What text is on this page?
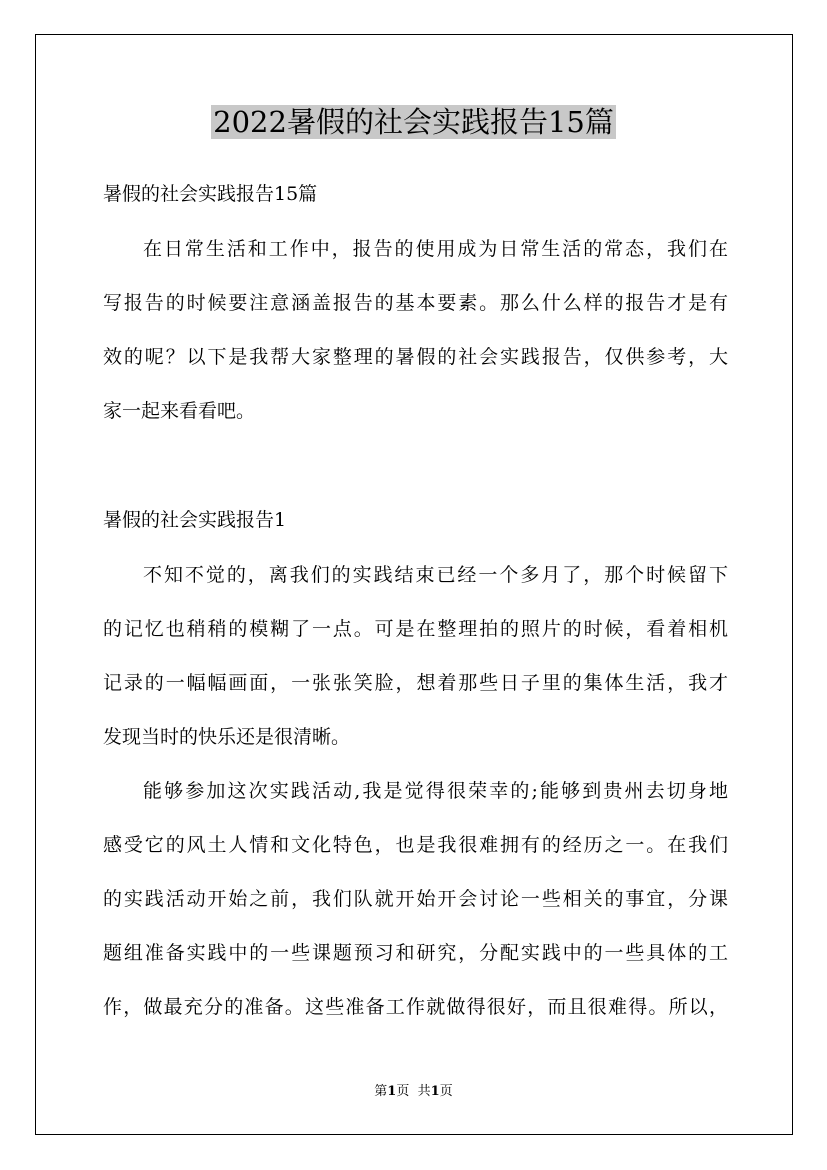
2022暑假的社会实践报告15篇

暑假的社会实践报告15篇

在日常生活和工作中，报告的使用成为日常生活的常态，我们在

写报告的时候要注意涵盖报告的基本要素。那么什么样的报告才是有

效的呢？以下是我帮大家整理的暑假的社会实践报告，仅供参考，大

家一起来看看吧。

暑假的社会实践报告1

不知不觉的，离我们的实践结束已经一个多月了，那个时候留下

的记忆也稍稍的模糊了一点。可是在整理拍的照片的时候，看着相机

记录的一幅幅画面，一张张笑脸，想着那些日子里的集体生活，我才

发现当时的快乐还是很清晰。

能够参加这次实践活动,我是觉得很荣幸的;能够到贵州去切身地

感受它的风土人情和文化特色，也是我很难拥有的经历之一。在我们

的实践活动开始之前，我们队就开始开会讨论一些相关的事宜，分课

题组准备实践中的一些课题预习和研究，分配实践中的一些具体的工

作，做最充分的准备。这些准备工作就做得很好，而且很难得。所以，

第1页 共1页
